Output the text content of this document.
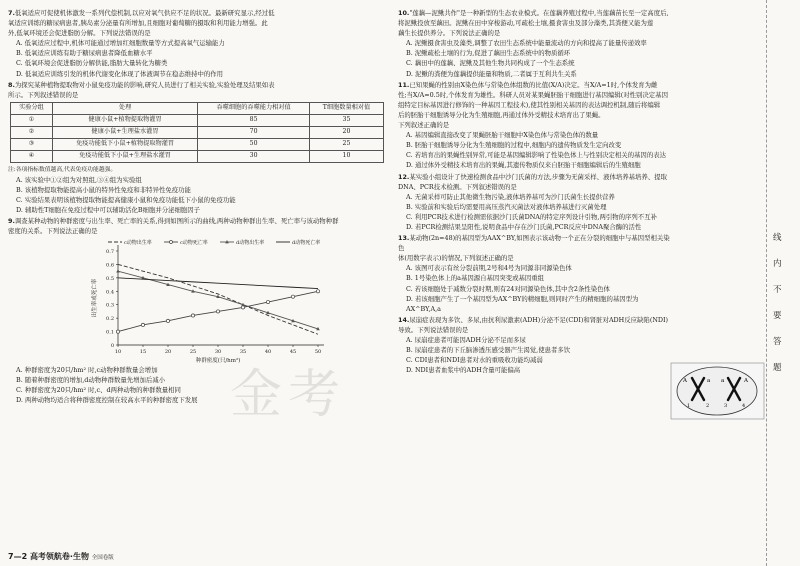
7.低氧适应可促使机体激发一系列代偿机制,以应对氧气供应不足的状况。最新研究显示,经过低
氧适应训练的糖尿病患者,胰岛素分泌量有所增加,且细胞对葡萄糖的摄取和利用能力增强。此
外,低氧环境还会促进脂肪分解。下列说法错误的是
A. 低氧适应过程中,机体可能通过增加红细胞数量等方式提高氧气运输能力
B. 低氧适应训练有助于糖尿病患者降低血糖水平
C. 低氧环境会促进脂肪分解供能,脂肪大量转化为糖类
D. 低氧适应训练引发的机体代谢变化体现了体液调节在稳态维持中的作用
8.为探究某种植物提取物对小鼠免疫功能的影响,研究人员进行了相关实验,实验处理及结果如表
所示。下列叙述错误的是
实验分组	处理	吞噬细胞的吞噬能力相对值	T细胞数量相对值
①	健康小鼠+植物提取物灌胃	85	35
②	健康小鼠+生理盐水灌胃	70	20
③	免疫功能低下小鼠+植物提取物灌胃	50	25
④	免疫功能低下小鼠+生理盐水灌胃	30	10
注:各项指标数值越高,代表免疫功能越强。
A. 该实验中①②组为对照组,③④组为实验组
B. 该植物提取物能提高小鼠的特异性免疫和非特异性免疫功能
C. 实验结果表明该植物提取物能提高健康小鼠和免疫功能低下小鼠的免疫功能
D. 辅助性T细胞在免疫过程中可以辅助活化B细胞并分泌细胞因子
9.调查某种动物的种群密度与出生率、死亡率的关系,得到如图所示的曲线,两种动物种群出生率、死亡率与该动物种群
密度的关系。下列说法正确的是
0
0.1
0.2
0.3
0.4
0.5
0.6
0.7
10	15	20	25	30	35	40	45	50
种群密度(只/hm²)
出生率或死亡率
c动物出生率	c动物死亡率	d动物出生率	d动物死亡率
A. 种群密度为20只/hm² 时,c动物种群数量会增加
B. 随着种群密度的增加,d动物种群数量先增加后减小
C. 种群密度为20只/hm² 时,c、d两种动物的种群数量相同
D. 两种动物均适合将种群密度控制在较高水平的种群密度下发展
10."莲藕—泥鳅共作"是一种新型的生态农业模式。在莲藕养殖过程中,当莲藕苗长至一定高度后,
将泥鳅投放至藕田。泥鳅在田中穿梭游动,可疏松土壤,摄食害虫及部分藻类,其粪便又能为莲
藕生长提供养分。下列说法正确的是
A. 泥鳅摄食害虫及藻类,调整了农田生态系统中能量流动的方向和提高了能量传递效率
B. 泥鳅疏松土壤的行为,促进了藕田生态系统中的物质循环
C. 藕田中的莲藕、泥鳅及其他生物共同构成了一个生态系统
D. 泥鳅的粪便为莲藕提供能量和物质,二者属于互利共生关系
11.已知果蝇的性别由X染色体与常染色体组数的比值(X/A)决定。当X/A=1时,个体发育为雌
性;当X/A=0.5时,个体发育为雄性。科研人员对某果蝇胚胎干细胞进行基因编辑(对性别决定基因
组特定目标基因进行修饰的一种基因工程技术),使其性别相关基因的表达调控机制,随后将编辑
后的胚胎干细胞诱导分化为生殖细胞,再通过体外受精技术培育出了果蝇。
下列叙述正确的是
A. 基因编辑直接改变了果蝇胚胎干细胞中X染色体与常染色体的数量
B. 胚胎干细胞诱导分化为生殖细胞的过程中,细胞内的遗传物质发生定向改变
C. 若培育出的果蝇性别异常,可能是基因编辑影响了性染色体上与性别决定相关的基因的表达
D. 通过体外受精技术培育出的果蝇,其遗传物质仅来自胚胎干细胞编辑后的生殖细胞
12.某实验小组设计了快速检测食品中沙门氏菌的方法,步骤为无菌采样、液体培养基培养、提取
DNA、PCR技术检测。下列叙述错误的是
A. 无菌采样可防止其他微生物污染,液体培养基可为沙门氏菌生长提供营养
B. 实验前和实验后均需要用高压蒸汽灭菌法对液体培养基进行灭菌处理
C. 利用PCR技术进行检测需依据沙门氏菌DNA的特定序列设计引物,两引物的序列不互补
D. 若PCR检测结果呈阳性,说明食品中存在沙门氏菌,PCR反应中DNA聚合酶的活性
13.某动物(2n=48)的基因型为AAX^BY,如图表示该动物一个正在分裂的细胞中与基因型相关染色
体(用数字表示)的情况,下列叙述正确的是
A. 该图可表示有丝分裂前期,2号和4号为同源非同源染色体
B. 1号染色体上的a基因源自基因突变或基因重组
C. 若该细胞处于减数分裂时期,则有24对同源染色体,其中含2条性染色体
D. 若该细胞产生了一个基因型为AX^BY的精细胞,则同时产生的精细胞的基因型为AX^BY,A,a
14.尿崩症表现为多饮、多尿,由抗利尿激素(ADH)分泌不足(CDI)和肾脏对ADH反应缺陷(NDI)
导致。下列说法错误的是
A. 尿崩症患者可能因ADH分泌不足而多尿
B. 尿崩症患者的下丘脑渗透压感受器产生渴觉,使患者多饮
C. CDI患者和NDI患者对水的重吸收功能均减弱
D. NDI患者血浆中的ADH含量可能偏高
A	a
1	2	3	4
a	A
金考
线
内
不
要
答
题
7—2 高考领航卷·生物 全国卷版
